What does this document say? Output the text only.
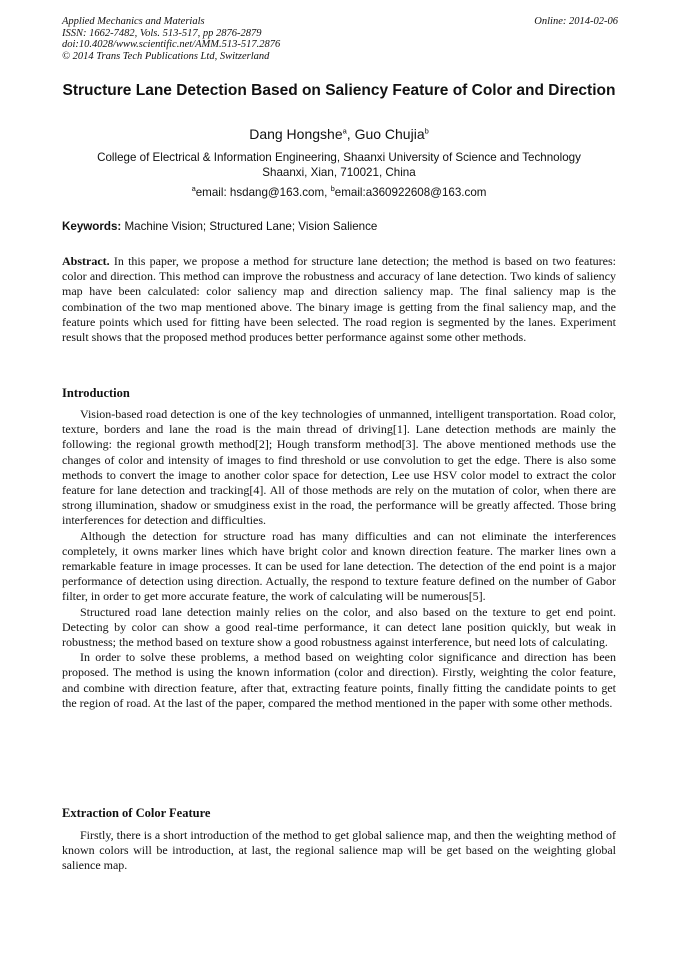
Applied Mechanics and Materials
ISSN: 1662-7482, Vols. 513-517, pp 2876-2879
doi:10.4028/www.scientific.net/AMM.513-517.2876
© 2014 Trans Tech Publications Ltd, Switzerland
Online: 2014-02-06
Structure Lane Detection Based on Saliency Feature of Color and Direction
Dang Hongshe$^a$, Guo Chujia$^b$
College of Electrical & Information Engineering, Shaanxi University of Science and Technology
Shaanxi, Xian, 710021, China
$^a$email: hsdang@163.com, $^b$email:a360922608@163.com
Keywords: Machine Vision; Structured Lane; Vision Salience

Abstract. In this paper, we propose a method for structure lane detection; the method is based on two features: color and direction. This method can improve the robustness and accuracy of lane detection. Two kinds of saliency map have been calculated: color saliency map and direction saliency map. The final saliency map is the combination of the two map mentioned above. The binary image is getting from the final saliency map, and the feature points which used for fitting have been selected. The road region is segmented by the lanes. Experiment result shows that the proposed method produces better performance against some other methods.

Introduction

Vision-based road detection is one of the key technologies of unmanned, intelligent transportation. Road color, texture, borders and lane the road is the main thread of driving[1]. Lane detection methods are mainly the following: the regional growth method[2]; Hough transform method[3]. The above mentioned methods use the changes of color and intensity of images to find threshold or use convolution to get the edge. There is also some methods to convert the image to another color space for detection, Lee use HSV color model to extract the color feature for lane detection and tracking[4]. All of those methods are rely on the mutation of color, when there are strong illumination, shadow or smudginess exist in the road, the performance will be greatly affected. Those bring interferences for detection and difficulties.

Although the detection for structure road has many difficulties and can not eliminate the interferences completely, it owns marker lines which have bright color and known direction feature. The marker lines own a remarkable feature in image processes. It can be used for lane detection. The detection of the end point is a major performance of detection using direction. Actually, the respond to texture feature defined on the number of Gabor filter, in order to get more accurate feature, the work of calculating will be numerous[5].

Structured road lane detection mainly relies on the color, and also based on the texture to get end point. Detecting by color can show a good real-time performance, it can detect lane position quickly, but weak in robustness; the method based on texture show a good robustness against interference, but need lots of calculating.

In order to solve these problems, a method based on weighting color significance and direction has been proposed. The method is using the known information (color and direction). Firstly, weighting the color feature, and combine with direction feature, after that, extracting feature points, finally fitting the candidate points to get the region of road. At the last of the paper, compared the method mentioned in the paper with some other methods.

Extraction of Color Feature

Firstly, there is a short introduction of the method to get global salience map, and then the weighting method of known colors will be introduction, at last, the regional salience map will be get based on the weighting global salience map.
